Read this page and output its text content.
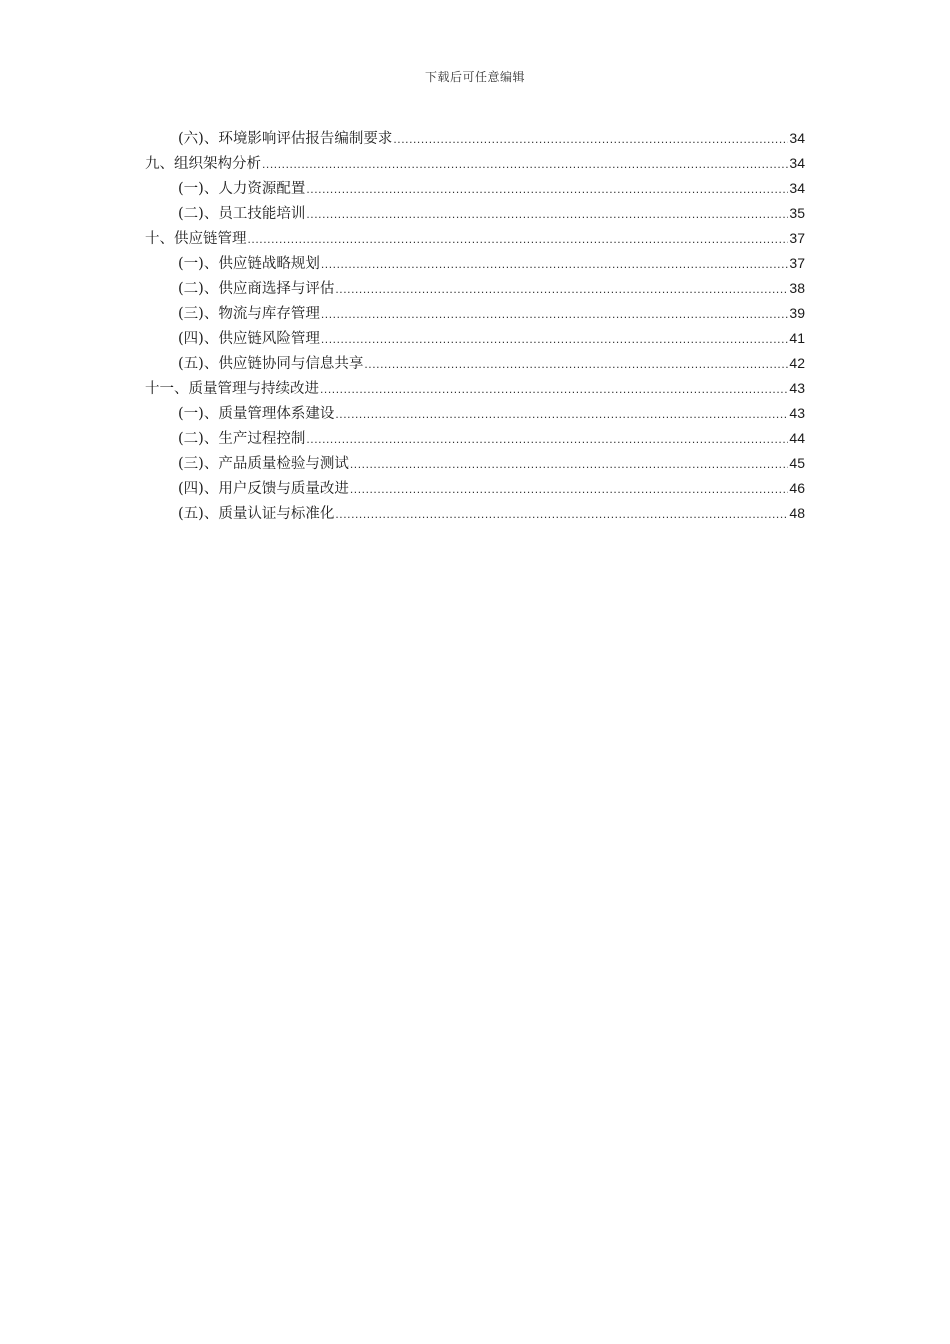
下载后可任意编辑
(六)、环境影响评估报告编制要求 .....	34
九、组织架构分析 .....	34
(一)、人力资源配置 .....	34
(二)、员工技能培训 .....	35
十、供应链管理 .....	37
(一)、供应链战略规划 .....	37
(二)、供应商选择与评估 .....	38
(三)、物流与库存管理 .....	39
(四)、供应链风险管理 .....	41
(五)、供应链协同与信息共享 .....	42
十一、质量管理与持续改进 .....	43
(一)、质量管理体系建设 .....	43
(二)、生产过程控制 .....	44
(三)、产品质量检验与测试 .....	45
(四)、用户反馈与质量改进 .....	46
(五)、质量认证与标准化 .....	48
